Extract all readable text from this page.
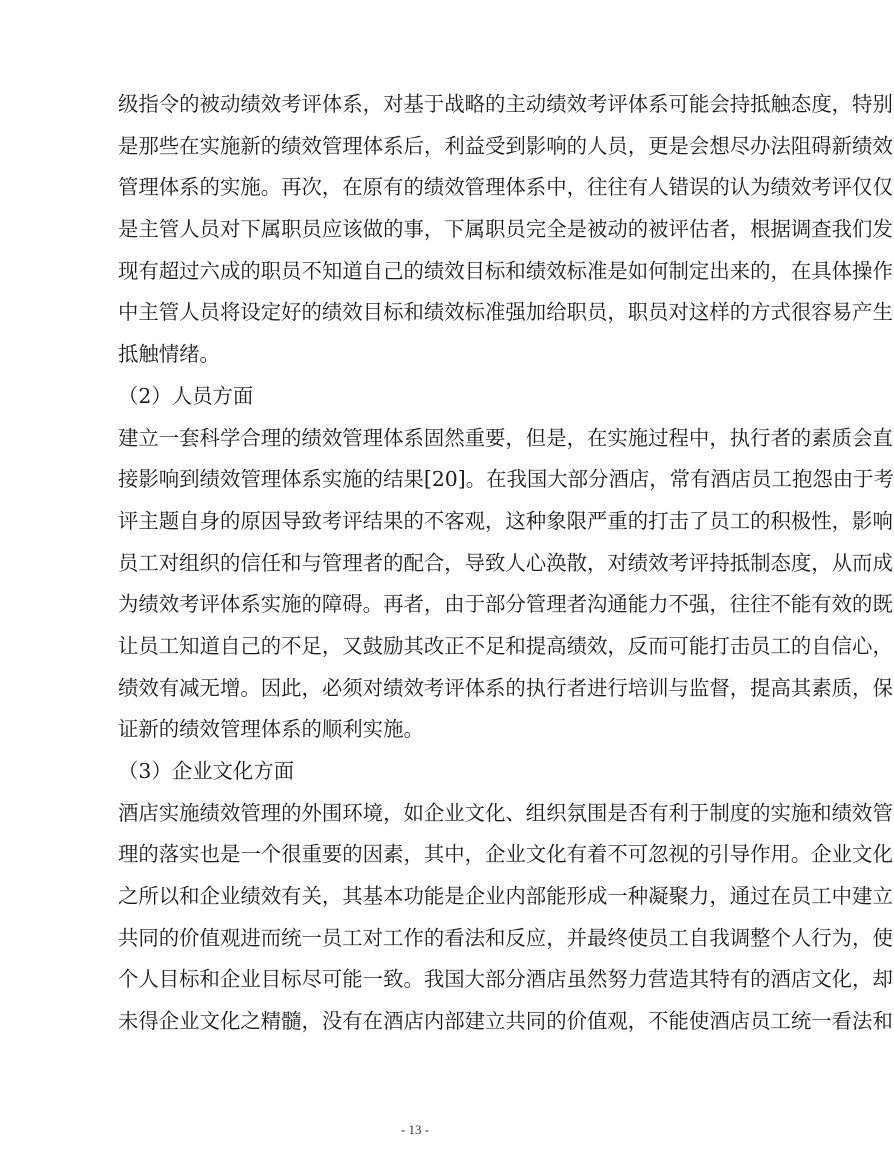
级指令的被动绩效考评体系，对基于战略的主动绩效考评体系可能会持抵触态度，特别
是那些在实施新的绩效管理体系后，利益受到影响的人员，更是会想尽办法阻碍新绩效
管理体系的实施。再次，在原有的绩效管理体系中，往往有人错误的认为绩效考评仅仅
是主管人员对下属职员应该做的事，下属职员完全是被动的被评估者，根据调查我们发
现有超过六成的职员不知道自己的绩效目标和绩效标准是如何制定出来的，在具体操作
中主管人员将设定好的绩效目标和绩效标准强加给职员，职员对这样的方式很容易产生
抵触情绪。
（2）人员方面
建立一套科学合理的绩效管理体系固然重要，但是，在实施过程中，执行者的素质会直
接影响到绩效管理体系实施的结果[20]。在我国大部分酒店，常有酒店员工抱怨由于考
评主题自身的原因导致考评结果的不客观，这种象限严重的打击了员工的积极性，影响
员工对组织的信任和与管理者的配合，导致人心涣散，对绩效考评持抵制态度，从而成
为绩效考评体系实施的障碍。再者，由于部分管理者沟通能力不强，往往不能有效的既
让员工知道自己的不足，又鼓励其改正不足和提高绩效，反而可能打击员工的自信心，
绩效有减无增。因此，必须对绩效考评体系的执行者进行培训与监督，提高其素质，保
证新的绩效管理体系的顺利实施。
（3）企业文化方面
酒店实施绩效管理的外围环境，如企业文化、组织氛围是否有利于制度的实施和绩效管
理的落实也是一个很重要的因素，其中，企业文化有着不可忽视的引导作用。企业文化
之所以和企业绩效有关，其基本功能是企业内部能形成一种凝聚力，通过在员工中建立
共同的价值观进而统一员工对工作的看法和反应，并最终使员工自我调整个人行为，使
个人目标和企业目标尽可能一致。我国大部分酒店虽然努力营造其特有的酒店文化，却
未得企业文化之精髓，没有在酒店内部建立共同的价值观，不能使酒店员工统一看法和
- 13 -
